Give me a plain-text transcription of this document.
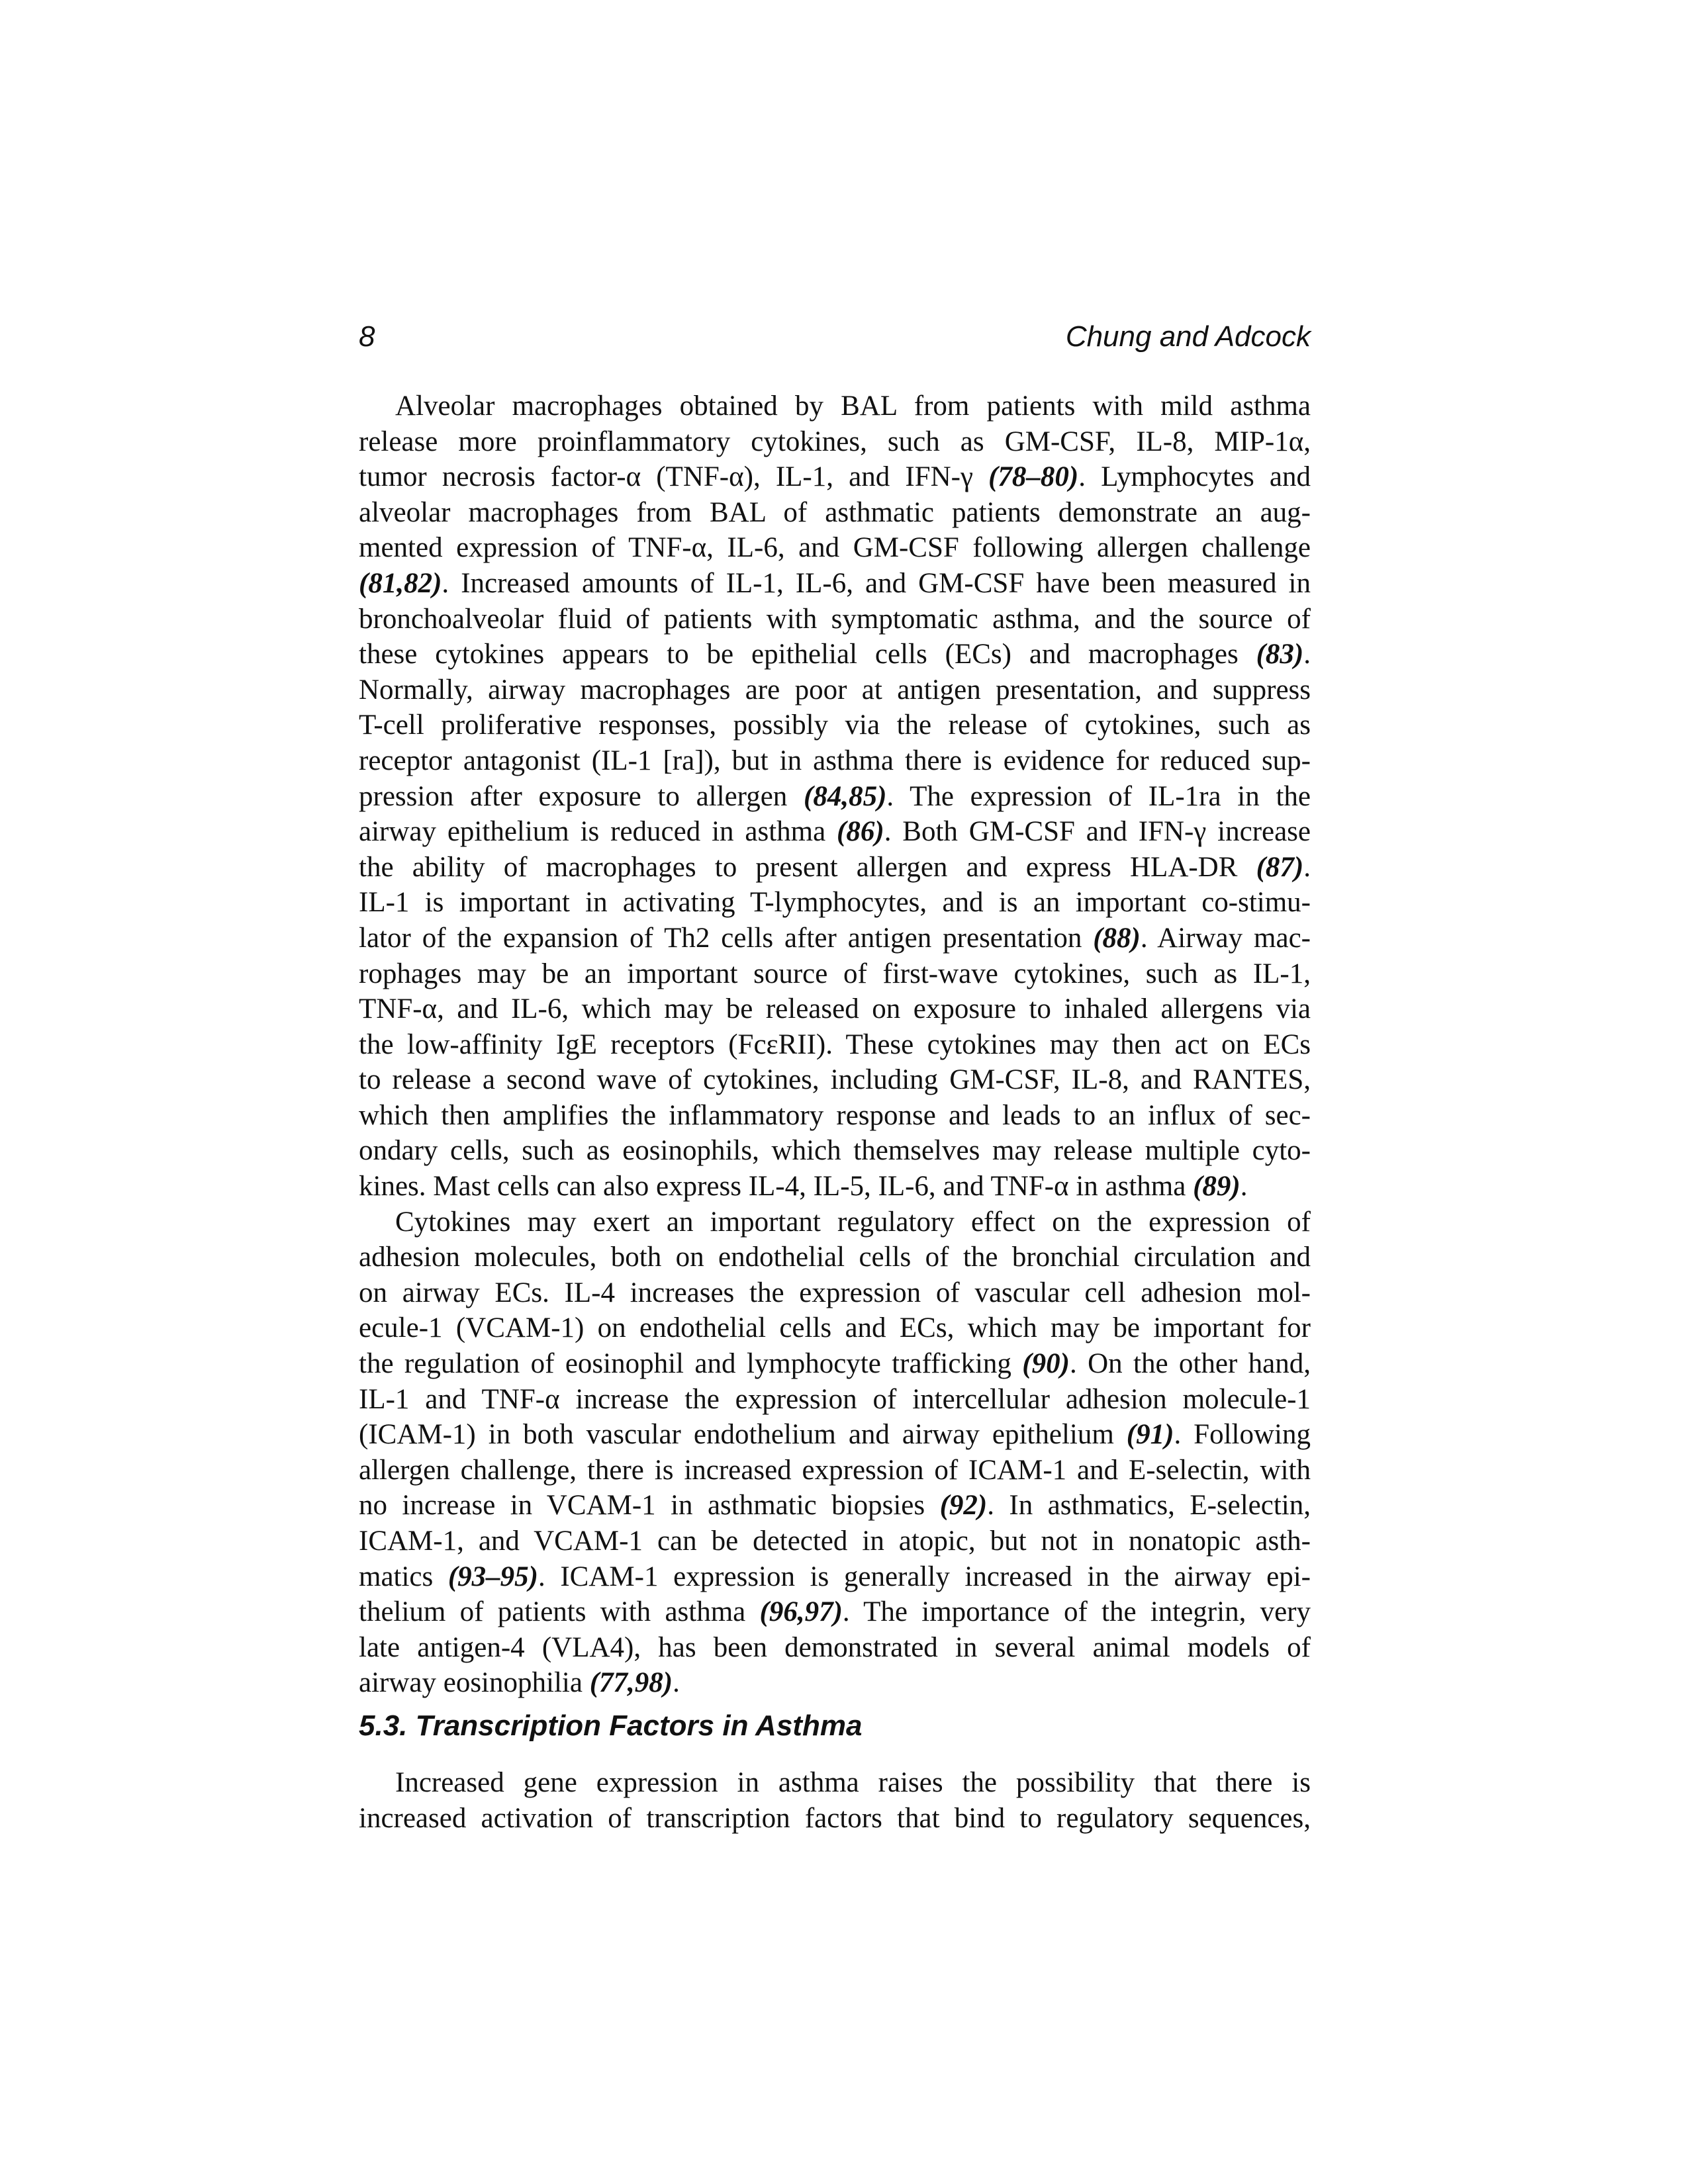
8	Chung and Adcock
Alveolar macrophages obtained by BAL from patients with mild asthma
release more proinflammatory cytokines, such as GM-CSF, IL-8, MIP-1α,
tumor necrosis factor-α (TNF-α), IL-1, and IFN-γ (78–80). Lymphocytes and
alveolar macrophages from BAL of asthmatic patients demonstrate an aug-
mented expression of TNF-α, IL-6, and GM-CSF following allergen challenge
(81,82). Increased amounts of IL-1, IL-6, and GM-CSF have been measured in
bronchoalveolar fluid of patients with symptomatic asthma, and the source of
these cytokines appears to be epithelial cells (ECs) and macrophages (83).
Normally, airway macrophages are poor at antigen presentation, and suppress
T-cell proliferative responses, possibly via the release of cytokines, such as
receptor antagonist (IL-1 [ra]), but in asthma there is evidence for reduced sup-
pression after exposure to allergen (84,85). The expression of IL-1ra in the
airway epithelium is reduced in asthma (86). Both GM-CSF and IFN-γ increase
the ability of macrophages to present allergen and express HLA-DR (87).
IL-1 is important in activating T-lymphocytes, and is an important co-stimu-
lator of the expansion of Th2 cells after antigen presentation (88). Airway mac-
rophages may be an important source of first-wave cytokines, such as IL-1,
TNF-α, and IL-6, which may be released on exposure to inhaled allergens via
the low-affinity IgE receptors (FcεRII). These cytokines may then act on ECs
to release a second wave of cytokines, including GM-CSF, IL-8, and RANTES,
which then amplifies the inflammatory response and leads to an influx of sec-
ondary cells, such as eosinophils, which themselves may release multiple cyto-
kines. Mast cells can also express IL-4, IL-5, IL-6, and TNF-α in asthma (89).
Cytokines may exert an important regulatory effect on the expression of
adhesion molecules, both on endothelial cells of the bronchial circulation and
on airway ECs. IL-4 increases the expression of vascular cell adhesion mol-
ecule-1 (VCAM-1) on endothelial cells and ECs, which may be important for
the regulation of eosinophil and lymphocyte trafficking (90). On the other hand,
IL-1 and TNF-α increase the expression of intercellular adhesion molecule-1
(ICAM-1) in both vascular endothelium and airway epithelium (91). Following
allergen challenge, there is increased expression of ICAM-1 and E-selectin, with
no increase in VCAM-1 in asthmatic biopsies (92). In asthmatics, E-selectin,
ICAM-1, and VCAM-1 can be detected in atopic, but not in nonatopic asth-
matics (93–95). ICAM-1 expression is generally increased in the airway epi-
thelium of patients with asthma (96,97). The importance of the integrin, very
late antigen-4 (VLA4), has been demonstrated in several animal models of
airway eosinophilia (77,98).
5.3. Transcription Factors in Asthma
Increased gene expression in asthma raises the possibility that there is
increased activation of transcription factors that bind to regulatory sequences,
